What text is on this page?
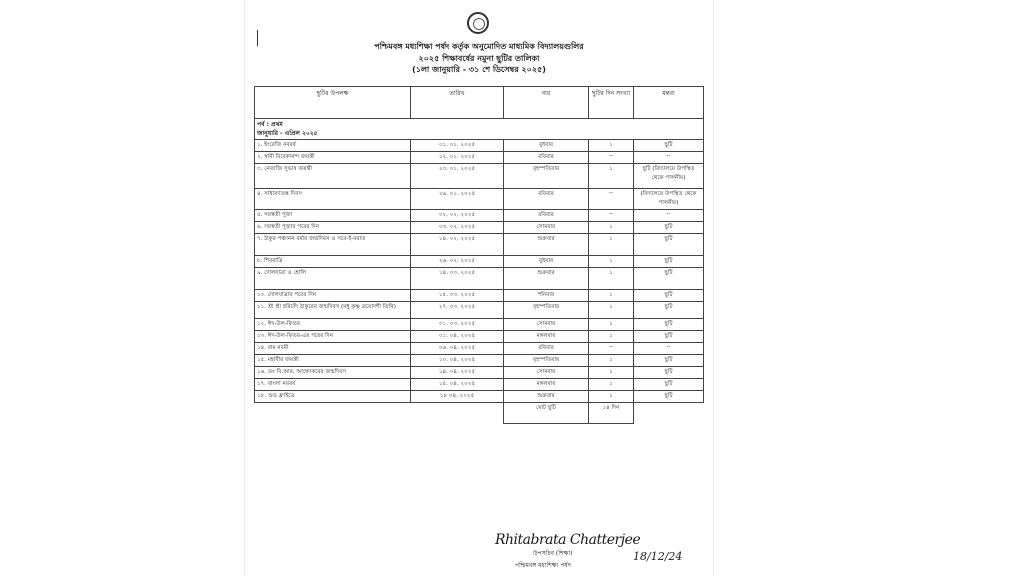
পশ্চিমবঙ্গ মধ্যশিক্ষা পর্ষদ কর্তৃক অনুমোদিত মাধ্যমিক বিদ্যালয়গুলির
২০২৫ শিক্ষাবর্ষের নমুনা ছুটির তালিকা
(১লা জানুয়ারি - ৩১ শে ডিসেম্বর ২০২৫)
ছুটির উপলক্ষ	তারিখ	বার	ছুটির দিন সংখ্যা	মন্তব্য

পর্ব : প্রথম
জানুয়ারি - এপ্রিল ২০২৫				

১. ইংরেজি নববর্ষ	০১. ০১. ২০২৫	বুধবার	১	ছুটি
২. স্বামী বিবেকানন্দ জয়ন্তী	১২. ০১. ২০২৫	রবিবার	--	--
৩. নেতাজি সুভাষ জয়ন্তী	২৩. ০১. ২০২৫	বৃহস্পতিবার	১	ছুটি (বিদ্যালয়ে উপস্থিত থেকে পালনীয়)
৪. সাধারণতন্ত্র দিবস	২৬. ০১. ২০২৫	রবিবার	--	(বিদ্যালয়ে উপস্থিত থেকে পালনীয়)
৫. সরস্বতী পুজা	০২. ০২. ২০২৫	রবিবার	--	--
৬. সরস্বতী পুজার পরের দিন	০৩. ০২. ২০২৫	সোমবার	১	ছুটি
৭. ঠাকুর পঞ্চানন বর্মার জন্মদিবস ও সবে-ই-বরাত	১৪. ০২. ২০২৫	শুক্রবার	১	ছুটি
৮. শিবরাত্রি	২৬. ০২. ২০২৫	বুধবার	১	ছুটি
৯. দোলযাত্রা ও হোলি	১৪. ০৩. ২০২৫	শুক্রবার	১	ছুটি
১০. দোলযাত্রার পরের দিন	১৫. ০৩. ২০২৫	শনিবার	১	ছুটি
১১. শ্রী শ্রী হরিচাঁদ ঠাকুরের জন্মদিবস (মধু কৃষ্ণ ত্রয়োদশী তিথি)	২৭. ০৩. ২০২৫	বৃহস্পতিবার	১	ছুটি
১২. ঈদ-উল-ফিতর	৩১. ০৩. ২০২৫	সোমবার	১	ছুটি
১৩. ঈদ-উল-ফিতর-এর পরের দিন	০১. ০৪. ২০২৫	মঙ্গলবার	১	ছুটি
১৪. রাম নবমী	০৬. ০৪. ২০২৫	রবিবার	--	--
১৫. মহাবীর জয়ন্তী	১০. ০৪. ২০২৫	বৃহস্পতিবার	১	ছুটি
১৬. ডঃ বি.আর. আম্বেদকরের জন্মদিবস	১৪. ০৪. ২০২৫	সোমবার	১	ছুটি
১৭. বাংলা নববর্ষ	১৫. ০৪. ২০২৫	মঙ্গলবার	১	ছুটি
১৮. গুড ফ্রাইডে	১৮ ০৪. ২০২৫	শুক্রবার	১	ছুটি
		মোট ছুটি	১৪ দিন	
Rhitabrata Chatterjee
উপসচিব (শিক্ষা)
পশ্চিমবঙ্গ মধ্যশিক্ষা পর্ষদ
18/12/24
